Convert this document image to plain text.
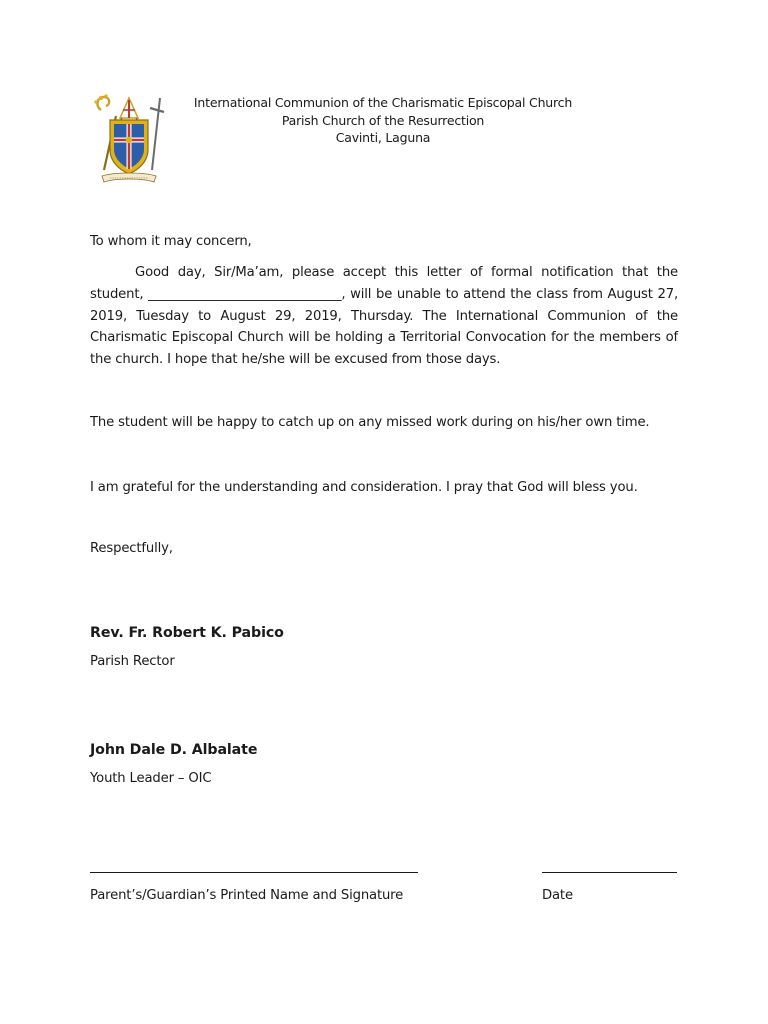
International Communion of the Charismatic Episcopal Church
Parish Church of the Resurrection
Cavinti, Laguna
To whom it may concern,
Good day, Sir/Ma’am, please accept this letter of formal notification that the student, ______________________________, will be unable to attend the class from August 27, 2019, Tuesday to August 29, 2019, Thursday. The International Communion of the Charismatic Episcopal Church will be holding a Territorial Convocation for the members of the church. I hope that he/she will be excused from those days.
The student will be happy to catch up on any missed work during on his/her own time.
I am grateful for the understanding and consideration. I pray that God will bless you.
Respectfully,
Rev. Fr. Robert K. Pabico
Parish Rector
John Dale D. Albalate
Youth Leader – OIC
Parent’s/Guardian’s Printed Name and Signature	Date
